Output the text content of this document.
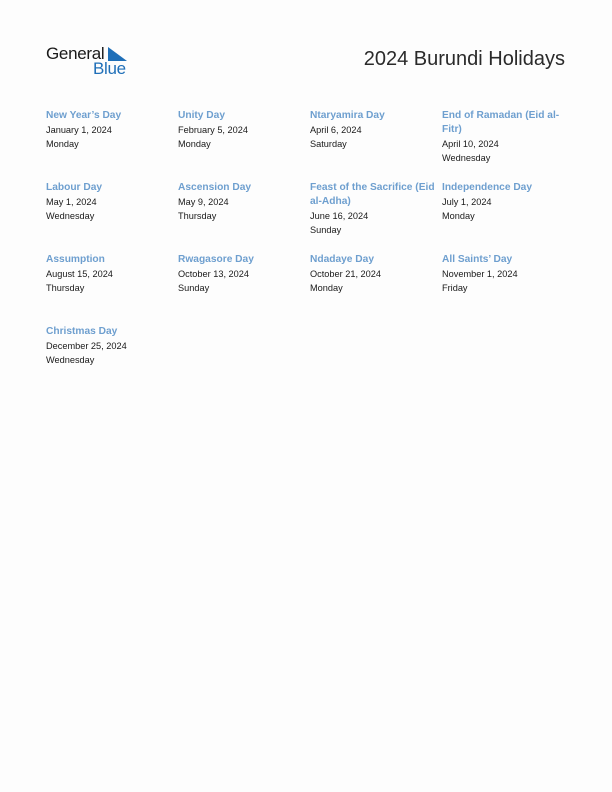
General
Blue	2024 Burundi Holidays
New Year’s Day
January 1, 2024
Monday
Unity Day
February 5, 2024
Monday
Ntaryamira Day
April 6, 2024
Saturday
End of Ramadan (Eid al-Fitr)
April 10, 2024
Wednesday
Labour Day
May 1, 2024
Wednesday
Ascension Day
May 9, 2024
Thursday
Feast of the Sacrifice (Eid al-Adha)
June 16, 2024
Sunday
Independence Day
July 1, 2024
Monday
Assumption
August 15, 2024
Thursday
Rwagasore Day
October 13, 2024
Sunday
Ndadaye Day
October 21, 2024
Monday
All Saints’ Day
November 1, 2024
Friday
Christmas Day
December 25, 2024
Wednesday
